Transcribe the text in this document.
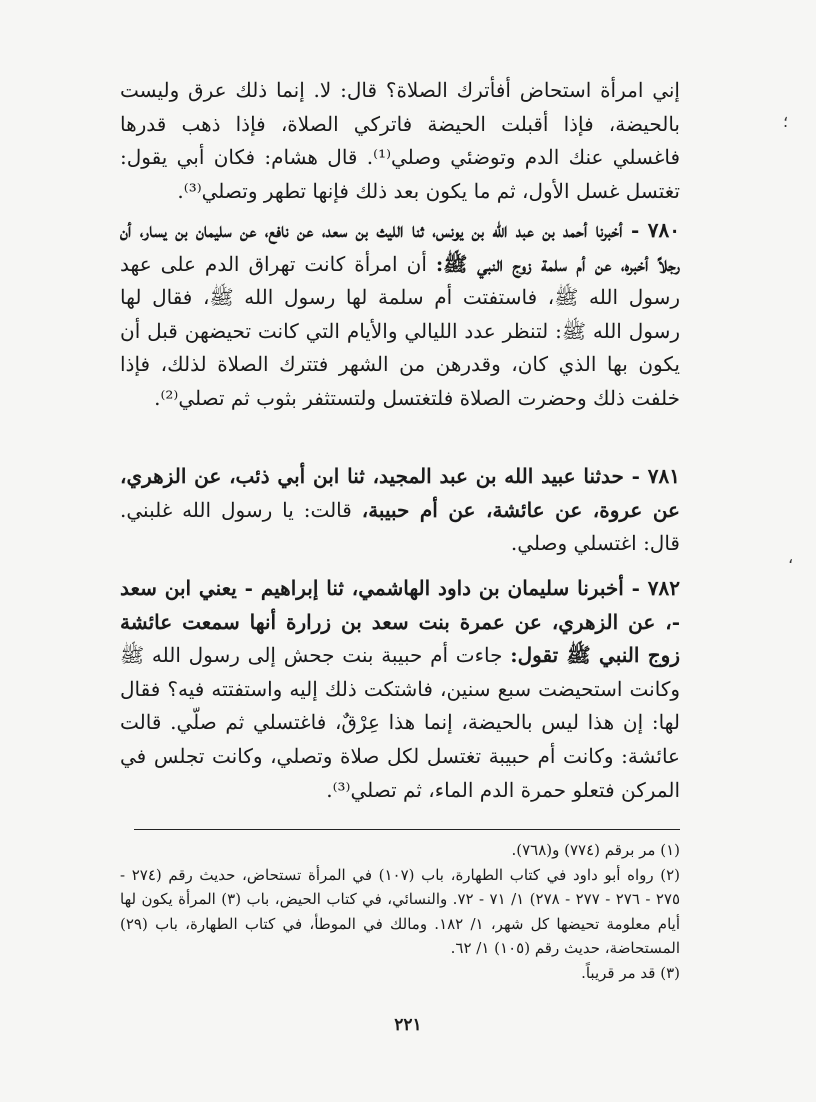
؛
،

إني امرأة استحاض أفأترك الصلاة؟ قال: لا. إنما ذلك عرق وليست بالحيضة، فإذا أقبلت الحيضة فاتركي الصلاة، فإذا ذهب قدرها فاغسلي عنك الدم وتوضئي وصلي⁽¹⁾. قال هشام: فكان أبي يقول: تغتسل غسل الأول، ثم ما يكون بعد ذلك فإنها تطهر وتصلي⁽³⁾.

٧٨٠ - أخبرنا أحمد بن عبد الله بن يونس، ثنا الليث بن سعد، عن نافع، عن سليمان بن يسار، أن رجلاً أخبره، عن أم سلمة زوج النبي ﷺ: أن امرأة كانت تهراق الدم على عهد رسول الله ﷺ، فاستفتت أم سلمة لها رسول الله ﷺ، فقال لها رسول الله ﷺ: لتنظر عدد الليالي والأيام التي كانت تحيضهن قبل أن يكون بها الذي كان، وقدرهن من الشهر فتترك الصلاة لذلك، فإذا خلفت ذلك وحضرت الصلاة فلتغتسل ولتستثفر بثوب ثم تصلي⁽²⁾.

٧٨١ - حدثنا عبيد الله بن عبد المجيد، ثنا ابن أبي ذئب، عن الزهري، عن عروة، عن عائشة، عن أم حبيبة، قالت: يا رسول الله غلبني. قال: اغتسلي وصلي.

٧٨٢ - أخبرنا سليمان بن داود الهاشمي، ثنا إبراهيم - يعني ابن سعد -، عن الزهري، عن عمرة بنت سعد بن زرارة أنها سمعت عائشة زوج النبي ﷺ تقول: جاءت أم حبيبة بنت جحش إلى رسول الله ﷺ وكانت استحيضت سبع سنين، فاشتكت ذلك إليه واستفتته فيه؟ فقال لها: إن هذا ليس بالحيضة، إنما هذا عِرْقٌ، فاغتسلي ثم صلّي. قالت عائشة: وكانت أم حبيبة تغتسل لكل صلاة وتصلي، وكانت تجلس في المركن فتعلو حمرة الدم الماء، ثم تصلي⁽³⁾.

(١) مر برقم (٧٧٤) و(٧٦٨).

(٢) رواه أبو داود في كتاب الطهارة، باب (١٠٧) في المرأة تستحاض، حديث رقم (٢٧٤ - ٢٧٥ - ٢٧٦ - ٢٧٧ - ٢٧٨) ١/ ٧١ - ٧٢. والنسائي، في كتاب الحيض، باب (٣) المرأة يكون لها أيام معلومة تحيضها كل شهر، ١/ ١٨٢. ومالك في الموطأ، في كتاب الطهارة، باب (٢٩) المستحاضة، حديث رقم (١٠٥) ١/ ٦٢.

(٣) قد مر قريباً.

٢٢١
